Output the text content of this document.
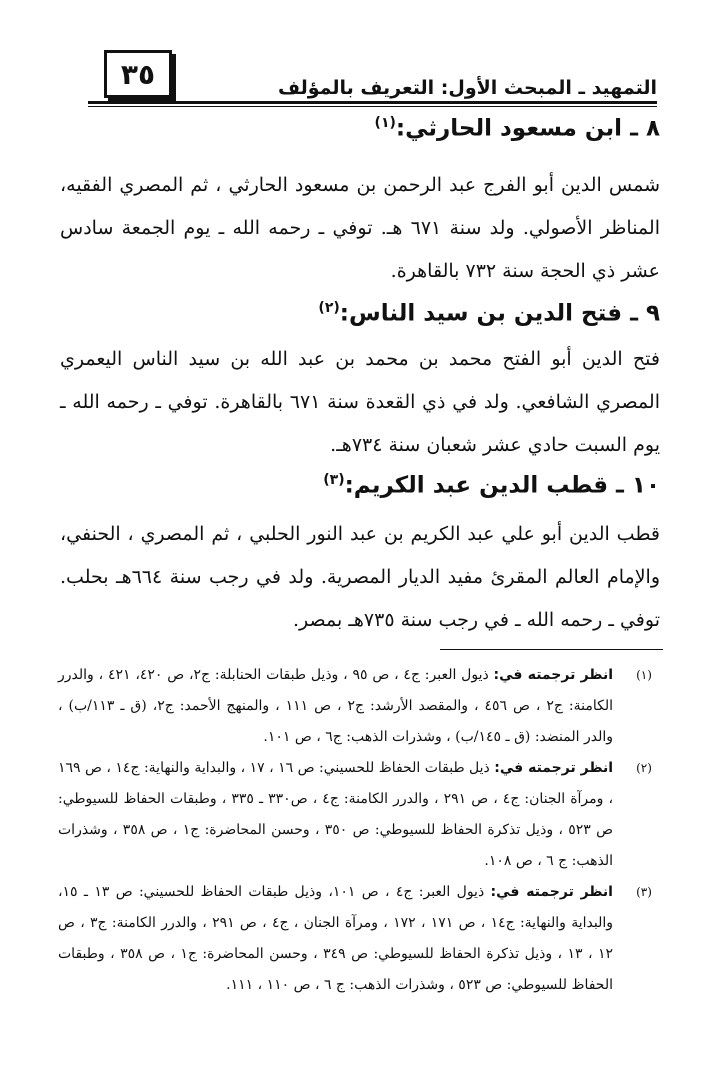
٣٥	التمهيد ـ المبحث الأول: التعريف بالمؤلف
٨ ـ ابن مسعود الحارثي:$^{(١)}$
شمس الدين أبو الفرج عبد الرحمن بن مسعود الحارثي ، ثم المصري الفقيه، المناظر الأصولي. ولد سنة ٦٧١ هـ. توفي ـ رحمه الله ـ يوم الجمعة سادس عشر ذي الحجة سنة ٧٣٢ بالقاهرة.
٩ ـ فتح الدين بن سيد الناس:$^{(٢)}$
فتح الدين أبو الفتح محمد بن محمد بن عبد الله بن سيد الناس اليعمري المصري الشافعي. ولد في ذي القعدة سنة ٦٧١ بالقاهرة. توفي ـ رحمه الله ـ يوم السبت حادي عشر شعبان سنة ٧٣٤هـ.
١٠ ـ قطب الدين عبد الكريم:$^{(٣)}$
قطب الدين أبو علي عبد الكريم بن عبد النور الحلبي ، ثم المصري ، الحنفي، والإمام العالم المقرئ مفيد الديار المصرية. ولد في رجب سنة ٦٦٤هـ بحلب. توفي ـ رحمه الله ـ في رجب سنة ٧٣٥هـ بمصر.
(١)
انظر ترجمته في: ذيول العبر: ج٤ ، ص ٩٥ ، وذيل طبقات الحنابلة: ج٢، ص ٤٢٠، ٤٢١ ، والدرر الكامنة: ج٢ ، ص ٤٥٦ ، والمقصد الأرشد: ج٢ ، ص ١١١ ، والمنهج الأحمد: ج٢، (ق ـ ١١٣/ب) ، والدر المنضد: (ق ـ ١٤٥/ب) ، وشذرات الذهب: ج٦ ، ص ١٠١.
(٢)
انظر ترجمته في: ذيل طبقات الحفاظ للحسيني: ص ١٦ ، ١٧ ، والبداية والنهاية: ج١٤ ، ص ١٦٩ ، ومرآة الجنان: ج٤ ، ص ٢٩١ ، والدرر الكامنة: ج٤ ، ص٣٣٠ ـ ٣٣٥ ، وطبقات الحفاظ للسيوطي: ص ٥٢٣ ، وذيل تذكرة الحفاظ للسيوطي: ص ٣٥٠ ، وحسن المحاضرة: ج١ ، ص ٣٥٨ ، وشذرات الذهب: ج ٦ ، ص ١٠٨.
(٣)
انظر ترجمته في: ذيول العبر: ج٤ ، ص ١٠١، وذيل طبقات الحفاظ للحسيني: ص ١٣ ـ ١٥، والبداية والنهاية: ج١٤ ، ص ١٧١ ، ١٧٢ ، ومرآة الجنان ، ج٤ ، ص ٢٩١ ، والدرر الكامنة: ج٣ ، ص ١٢ ، ١٣ ، وذيل تذكرة الحفاظ للسيوطي: ص ٣٤٩ ، وحسن المحاضرة: ج١ ، ص ٣٥٨ ، وطبقات الحفاظ للسيوطي: ص ٥٢٣ ، وشذرات الذهب: ج ٦ ، ص ١١٠ ، ١١١.
